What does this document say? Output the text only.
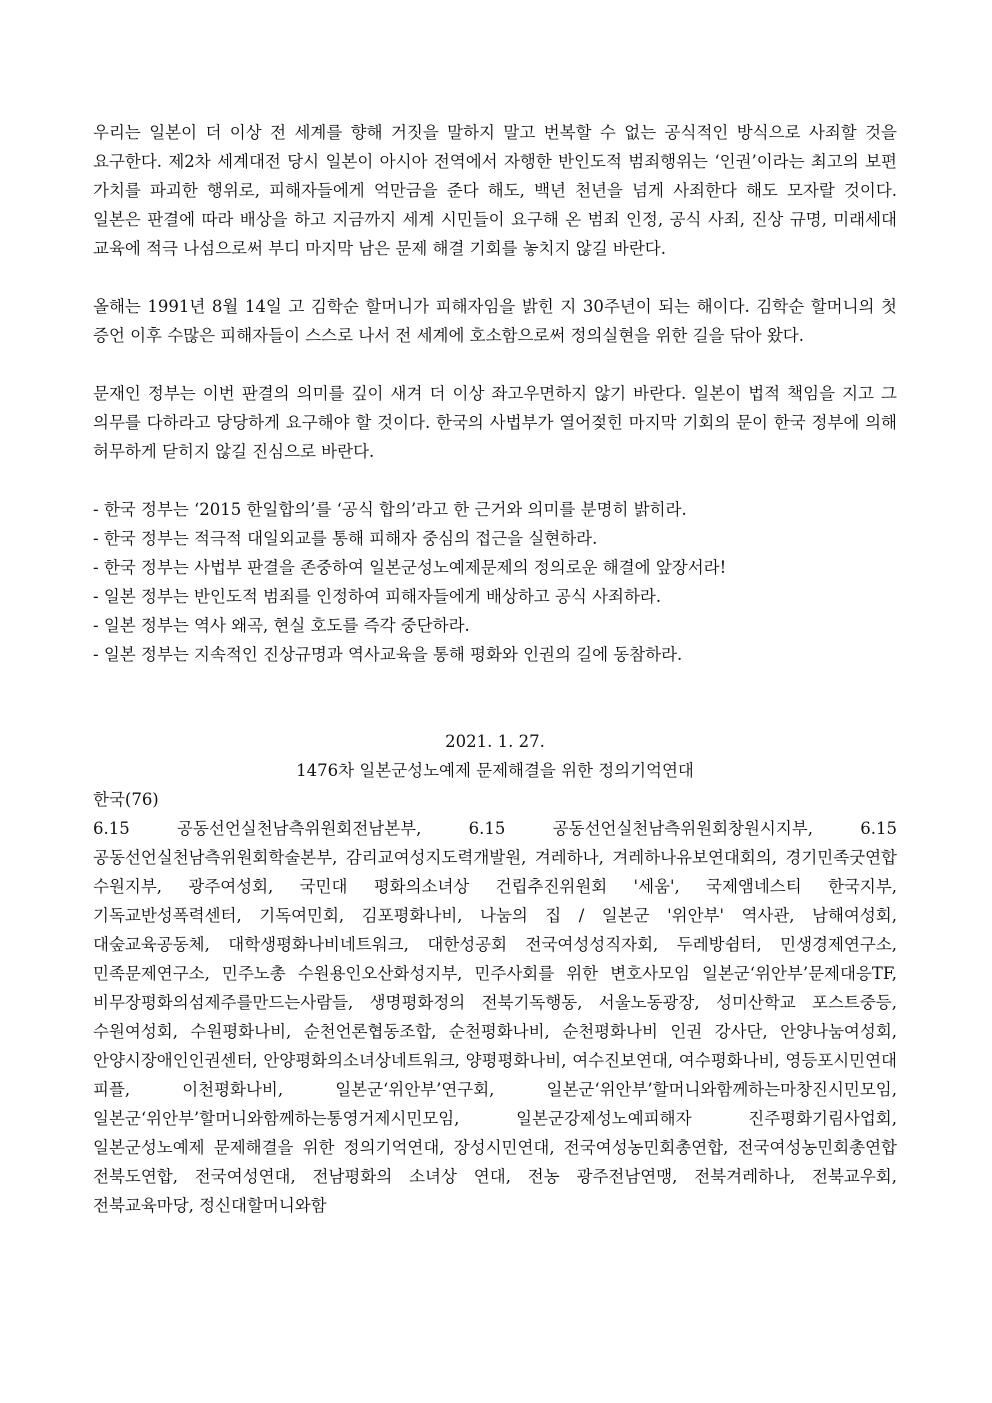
우리는 일본이 더 이상 전 세계를 향해 거짓을 말하지 말고 번복할 수 없는 공식적인 방식으로 사죄할 것을 요구한다. 제2차 세계대전 당시 일본이 아시아 전역에서 자행한 반인도적 범죄행위는 ‘인권’이라는 최고의 보편 가치를 파괴한 행위로, 피해자들에게 억만금을 준다 해도, 백년 천년을 넘게 사죄한다 해도 모자랄 것이다. 일본은 판결에 따라 배상을 하고 지금까지 세계 시민들이 요구해 온 범죄 인정, 공식 사죄, 진상 규명, 미래세대 교육에 적극 나섬으로써 부디 마지막 남은 문제 해결 기회를 놓치지 않길 바란다.

올해는 1991년 8월 14일 고 김학순 할머니가 피해자임을 밝힌 지 30주년이 되는 해이다. 김학순 할머니의 첫 증언 이후 수많은 피해자들이 스스로 나서 전 세계에 호소함으로써 정의실현을 위한 길을 닦아 왔다.

문재인 정부는 이번 판결의 의미를 깊이 새겨 더 이상 좌고우면하지 않기 바란다. 일본이 법적 책임을 지고 그 의무를 다하라고 당당하게 요구해야 할 것이다. 한국의 사법부가 열어젖힌 마지막 기회의 문이 한국 정부에 의해 허무하게 닫히지 않길 진심으로 바란다.

- 한국 정부는 ‘2015 한일합의’를 ‘공식 합의’라고 한 근거와 의미를 분명히 밝히라.
- 한국 정부는 적극적 대일외교를 통해 피해자 중심의 접근을 실현하라.
- 한국 정부는 사법부 판결을 존중하여 일본군성노예제문제의 정의로운 해결에 앞장서라!
- 일본 정부는 반인도적 범죄를 인정하여 피해자들에게 배상하고 공식 사죄하라.
- 일본 정부는 역사 왜곡, 현실 호도를 즉각 중단하라.
- 일본 정부는 지속적인 진상규명과 역사교육을 통해 평화와 인권의 길에 동참하라.
2021. 1. 27.
1476차 일본군성노예제 문제해결을 위한 정의기억연대
한국(76)

6.15 공동선언실천남측위원회전남본부, 6.15 공동선언실천남측위원회창원시지부, 6.15 공동선언실천남측위원회학술본부, 감리교여성지도력개발원, 겨레하나, 겨레하나유보연대회의, 경기민족굿연합 수원지부, 광주여성회, 국민대 평화의소녀상 건립추진위원회 '세움', 국제앰네스티 한국지부, 기독교반성폭력센터, 기독여민회, 김포평화나비, 나눔의 집 / 일본군 '위안부' 역사관, 남해여성회, 대숲교육공동체, 대학생평화나비네트워크, 대한성공회 전국여성성직자회, 두레방쉼터, 민생경제연구소, 민족문제연구소, 민주노총 수원용인오산화성지부, 민주사회를 위한 변호사모임 일본군‘위안부’문제대응TF, 비무장평화의섬제주를만드는사람들, 생명평화정의 전북기독행동, 서울노동광장, 성미산학교 포스트중등, 수원여성회, 수원평화나비, 순천언론협동조합, 순천평화나비, 순천평화나비 인권 강사단, 안양나눔여성회, 안양시장애인인권센터, 안양평화의소녀상네트워크, 양평평화나비, 여수진보연대, 여수평화나비, 영등포시민연대 피플, 이천평화나비, 일본군‘위안부’연구회, 일본군‘위안부’할머니와함께하는마창진시민모임, 일본군‘위안부’할머니와함께하는통영거제시민모임, 일본군강제성노예피해자 진주평화기림사업회, 일본군성노예제 문제해결을 위한 정의기억연대, 장성시민연대, 전국여성농민회총연합, 전국여성농민회총연합 전북도연합, 전국여성연대, 전남평화의 소녀상 연대, 전농 광주전남연맹, 전북겨레하나, 전북교우회, 전북교육마당, 정신대할머니와함
